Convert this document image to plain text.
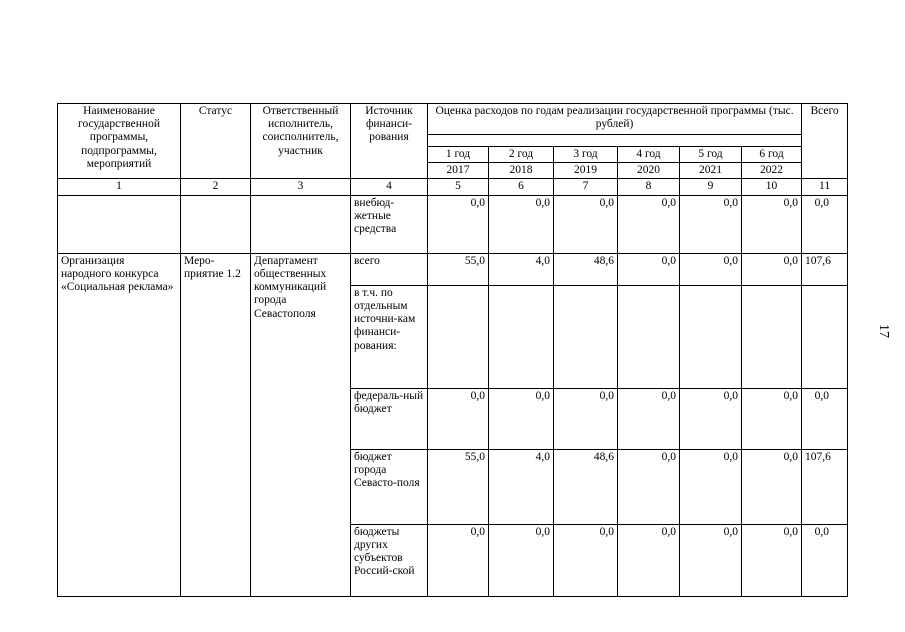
17
Наименование государственной программы, подпрограммы, мероприятий	Статус	Ответственный исполнитель, соисполнитель, участник	Источник финанси-рования	Оценка расходов по годам реализации государственной программы (тыс. рублей)						Всего

				1 год	2 год	3 год	4 год	5 год	6 год	
				2017	2018	2019	2020	2021	2022	
1	2	3	4	5	6	7	8	9	10	11
			внебюд-жетные средства	0,0	0,0	0,0	0,0	0,0	0,0	0,0
Организация народного конкурса «Социальная реклама»	Меро-приятие 1.2	Департамент общественных коммуникаций города Севастополя	всего	55,0	4,0	48,6	0,0	0,0	0,0	107,6
			в т.ч. по отдельным источни-кам финанси-рования:							
			федераль-ный бюджет	0,0	0,0	0,0	0,0	0,0	0,0	0,0
			бюджет города Севасто-поля	55,0	4,0	48,6	0,0	0,0	0,0	107,6
			бюджеты других субъектов Россий-ской	0,0	0,0	0,0	0,0	0,0	0,0	0,0
